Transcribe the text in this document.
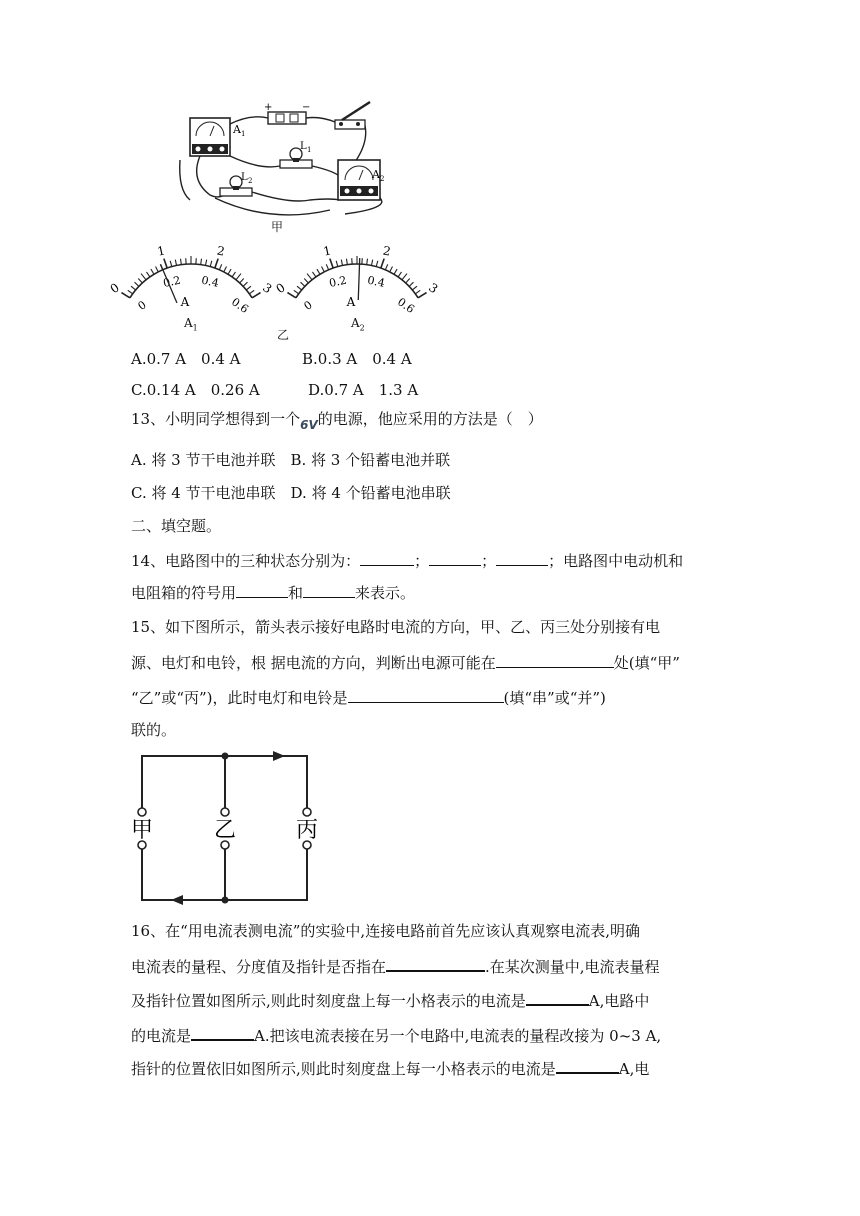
A 1
+	−
L 1
L 2	A 2
甲
0
0
1
0.2
2
0.4	3
0.6
A
0
0
1
0.2
2
0.4	3
0.6
A
$A_1$	$A_2$
乙
A.0.7 A　0.4 A	B.0.3 A　0.4 A
C.0.14 A　0.26 A	D.0.7 A　1.3 A
13、小明同学想得到一个$_{6V}$的电源，他应采用的方法是（　）
A. 将 3 节干电池并联　B. 将 3 个铅蓄电池并联
C. 将 4 节干电池串联　D. 将 4 个铅蓄电池串联
二、填空题。
14、电路图中的三种状态分别为：	；	；	；电路图中电动机和
电阻箱的符号用	和	来表示。
15、如下图所示，箭头表示接好电路时电流的方向，甲、乙、丙三处分别接有电
源、电灯和电铃，根 据电流的方向，判断出电源可能在	处(填“甲”
“乙”或“丙”)，此时电灯和电铃是	(填“串”或“并”)
联的。
甲	乙	丙
16、在“用电流表测电流”的实验中,连接电路前首先应该认真观察电流表,明确
电流表的量程、分度值及指针是否指在	.在某次测量中,电流表量程
及指针位置如图所示,则此时刻度盘上每一小格表示的电流是	A,电路中
的电流是	A.把该电流表接在另一个电路中,电流表的量程改接为 0~3 A,
指针的位置依旧如图所示,则此时刻度盘上每一小格表示的电流是	A,电
